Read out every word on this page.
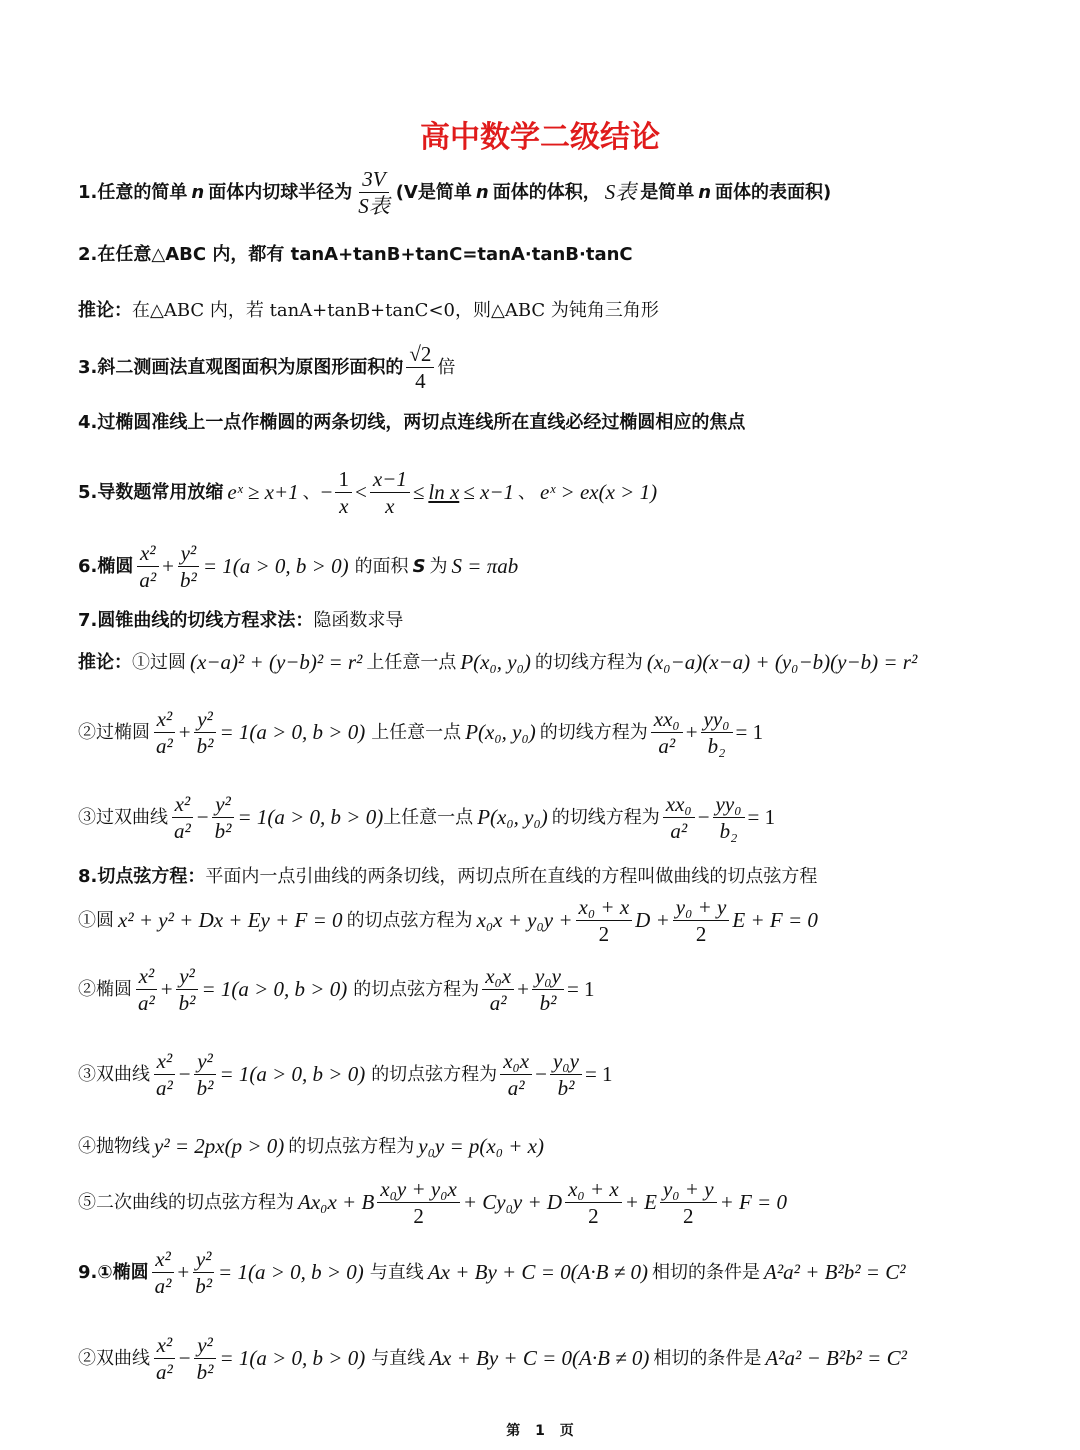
高中数学二级结论
1.任意的简单 n 面体内切球半径为 $\frac{3V}{\text{S表}} (V$是简单 n 面体的体积， S表 是简单 n 面体的表面积)
2.在任意△ABC 内，都有 tanA+tanB+tanC=tanA·tanB·tanC
推论： 在△ABC 内，若 tanA+tanB+tanC<0，则△ABC 为钝角三角形
3.斜二测画法直观图面积为原图形面积的 $\frac{√2}{4}$ 倍
4.过椭圆准线上一点作椭圆的两条切线，两切点连线所在直线必经过椭圆相应的焦点
5.导数题常用放缩 eˣ ≥ x+1 、 − $\frac{1}{x} < \frac{x-1}{x} \le \ln x \le x-1$ 、 eˣ > ex(x > 1)
6.椭圆 $\frac{\text{x²}}{\text{a²}} + \frac{\text{y²}}{\text{b²}} = 1(a > 0$, b > 0) 的面积 S 为 S = πab
7.圆锥曲线的切线方程求法： 隐函数求导
推论： ①过圆 (x−a)² + (y−b)² = r² 上任意一点 P(x₀, y₀) 的切线方程为 (x₀−a)(x−a) + (y₀−b)(y−b) = r²
②过椭圆 $\frac{\text{x²}}{\text{a²}} + \frac{\text{y²}}{\text{b²}} = 1(a > 0$, b > 0) 上任意一点 P(x₀, y₀) 的切线方程为 $\frac{\text{xx₀}}{\text{a²}} + \frac{\text{yy₀}}{\text{b₂}} = 1$
③过双曲线 $\frac{\text{x²}}{\text{a²}} - \frac{\text{y²}}{\text{b²}} = 1(a > 0$, b > 0) 上任意一点 P(x₀, y₀) 的切线方程为 $\frac{\text{xx₀}}{\text{a²}} - \frac{\text{yy₀}}{\text{b₂}} = 1$
8.切点弦方程： 平面内一点引曲线的两条切线，两切点所在直线的方程叫做曲线的切点弦方程
①圆 x² + y² + Dx + Ey + F = 0 的切点弦方程为 $x_0x + y_0y + \frac{\text{x₀ + x}}{2}$ $D + \frac{\text{y₀ + y}}{2}$ E + F = 0
②椭圆 $\frac{\text{x²}}{\text{a²}} + \frac{\text{y²}}{\text{b²}} = 1(a > 0$, b > 0) 的切点弦方程为 $\frac{\text{x₀x}}{\text{a²}} + \frac{\text{y₀y}}{\text{b²}} = 1$
③双曲线 $\frac{\text{x²}}{\text{a²}} - \frac{\text{y²}}{\text{b²}} = 1(a > 0$, b > 0) 的切点弦方程为 $\frac{\text{x₀x}}{\text{a²}} - \frac{\text{y₀y}}{\text{b²}} = 1$
④抛物线 y² = 2px(p > 0) 的切点弦方程为 y₀y = p(x₀ + x)
⑤二次曲线的切点弦方程为 Ax₀x + B $\frac{\text{x₀y + y₀x}}{2} + Cy_0y + D \frac{\text{x₀ + x}}{2} + E \frac{\text{y₀ + y}}{2} + F = 0$
9.①椭圆 $\frac{\text{x²}}{\text{a²}} + \frac{\text{y²}}{\text{b²}} = 1(a > 0$, b > 0) 与直线 Ax + By + C = 0(A·B ≠ 0) 相切的条件是 A²a² + B²b² = C²
②双曲线 $\frac{\text{x²}}{\text{a²}} - \frac{\text{y²}}{\text{b²}} = 1(a > 0$, b > 0) 与直线 Ax + By + C = 0(A·B ≠ 0) 相切的条件是 A²a² − B²b² = C²
第 1 页
